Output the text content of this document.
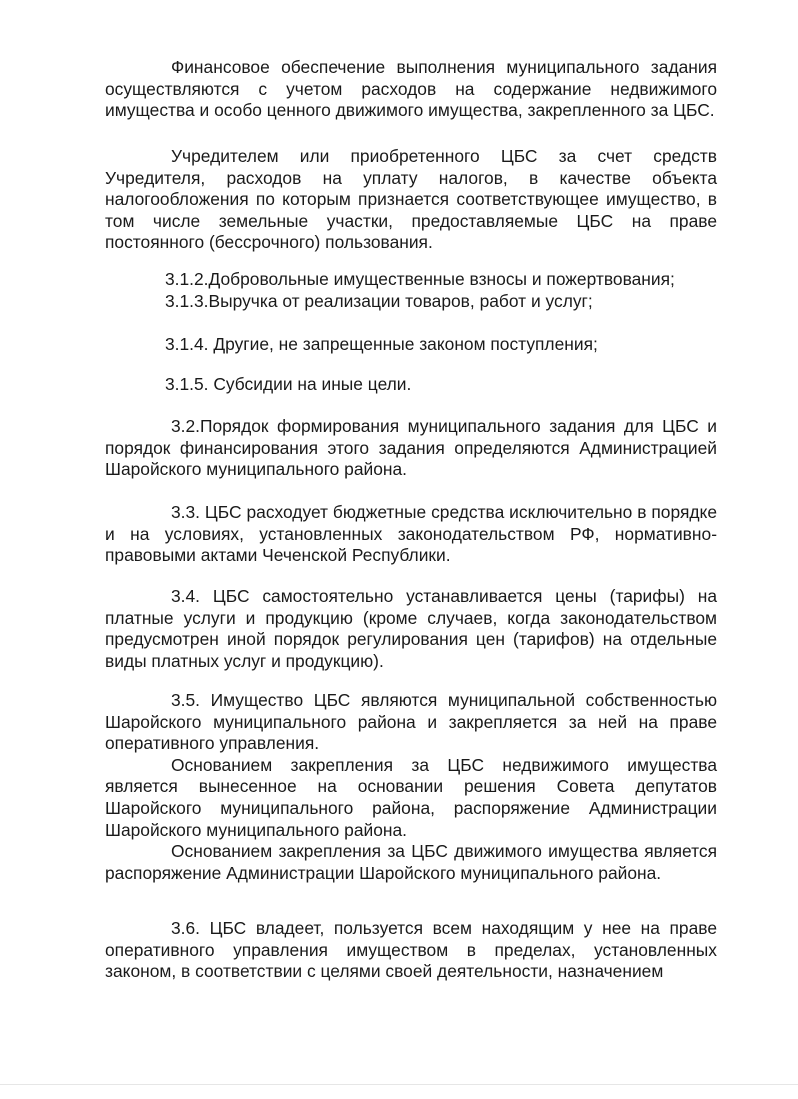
Финансовое обеспечение выполнения муниципального задания осуществляются с учетом расходов на содержание недвижимого имущества и особо ценного движимого имущества, закрепленного за ЦБС.

Учредителем или приобретенного ЦБС за счет средств Учредителя, расходов на уплату налогов, в качестве объекта налогообложения по которым признается соответствующее имущество, в том числе земельные участки, предоставляемые ЦБС на праве постоянного (бессрочного) пользования.

3.1.2.Добровольные имущественные взносы и пожертвования;

3.1.3.Выручка от реализации товаров, работ и услуг;

3.1.4. Другие, не запрещенные законом поступления;

3.1.5. Субсидии на иные цели.

3.2.Порядок формирования муниципального задания для ЦБС и порядок финансирования этого задания определяются Администрацией Шаройского муниципального района.

3.3. ЦБС расходует бюджетные средства исключительно в порядке и на условиях, установленных законодательством РФ, нормативно-правовыми актами Чеченской Республики.

3.4. ЦБС самостоятельно устанавливается цены (тарифы) на платные услуги и продукцию (кроме случаев, когда законодательством предусмотрен иной порядок регулирования цен (тарифов) на отдельные виды платных услуг и продукцию).

3.5. Имущество ЦБС являются муниципальной собственностью Шаройского муниципального района и закрепляется за ней на праве оперативного управления.

Основанием закрепления за ЦБС недвижимого имущества является вынесенное на основании решения Совета депутатов Шаройского муниципального района, распоряжение Администрации Шаройского муниципального района.

Основанием закрепления за ЦБС движимого имущества является распоряжение Администрации Шаройского муниципального района.

3.6. ЦБС владеет, пользуется всем находящим у нее на праве оперативного управления имуществом в пределах, установленных законом, в соответствии с целями своей деятельности, назначением
